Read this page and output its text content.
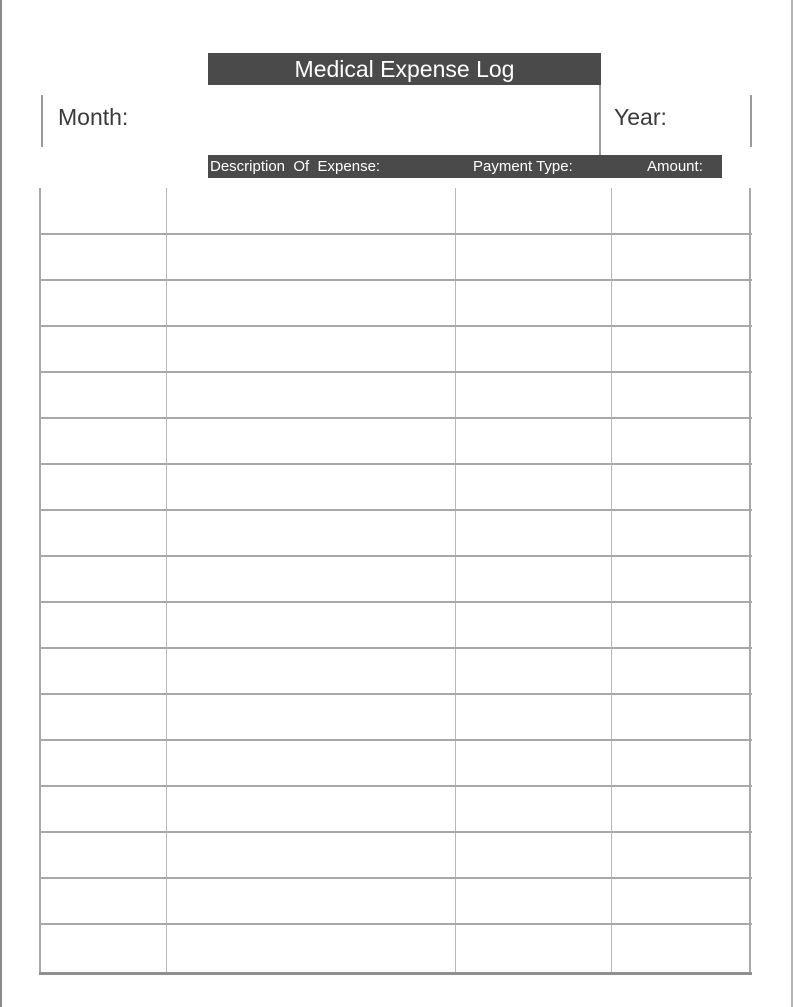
Medical Expense Log
Month:	Year:
Description  Of  Expense:	Payment Type:	Amount:
